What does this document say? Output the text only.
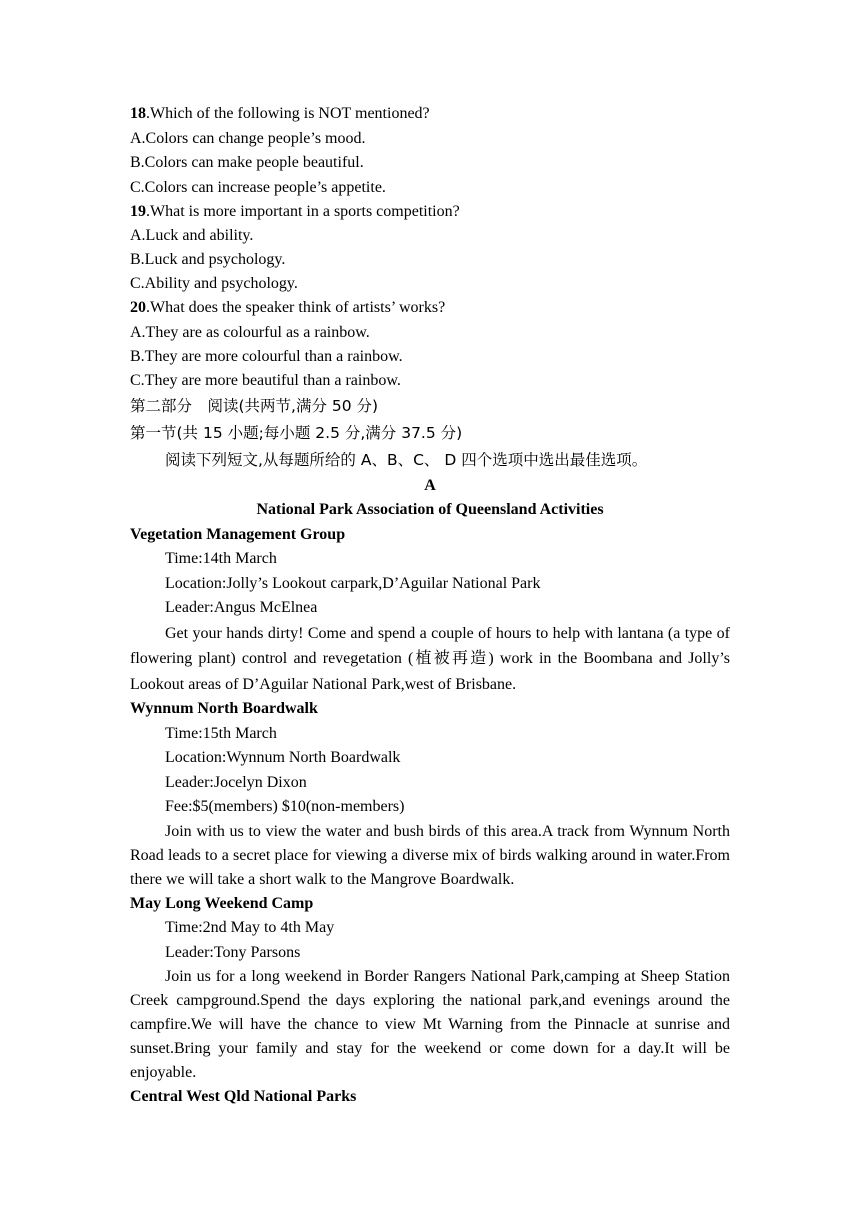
18.Which of the following is NOT mentioned?
A.Colors can change people’s mood.
B.Colors can make people beautiful.
C.Colors can increase people’s appetite.
19.What is more important in a sports competition?
A.Luck and ability.
B.Luck and psychology.
C.Ability and psychology.
20.What does the speaker think of artists’ works?
A.They are as colourful as a rainbow.
B.They are more colourful than a rainbow.
C.They are more beautiful than a rainbow.
第二部分　阅读(共两节,满分 50 分)
第一节(共 15 小题;每小题 2.5 分,满分 37.5 分)
阅读下列短文,从每题所给的 A、B、C、 D 四个选项中选出最佳选项。
A
National Park Association of Queensland Activities
Vegetation Management Group
Time:14th March
Location:Jolly’s Lookout carpark,D’Aguilar National Park
Leader:Angus McElnea
Get your hands dirty! Come and spend a couple of hours to help with lantana (a type of flowering plant) control and revegetation (植被再造) work in the Boombana and Jolly’s Lookout areas of D’Aguilar National Park,west of Brisbane.
Wynnum North Boardwalk
Time:15th March
Location:Wynnum North Boardwalk
Leader:Jocelyn Dixon
Fee:$5(members) $10(non-members)
Join with us to view the water and bush birds of this area.A track from Wynnum North Road leads to a secret place for viewing a diverse mix of birds walking around in water.From there we will take a short walk to the Mangrove Boardwalk.
May Long Weekend Camp
Time:2nd May to 4th May
Leader:Tony Parsons
Join us for a long weekend in Border Rangers National Park,camping at Sheep Station Creek campground.Spend the days exploring the national park,and evenings around the campfire.We will have the chance to view Mt Warning from the Pinnacle at sunrise and sunset.Bring your family and stay for the weekend or come down for a day.It will be enjoyable.
Central West Qld National Parks
